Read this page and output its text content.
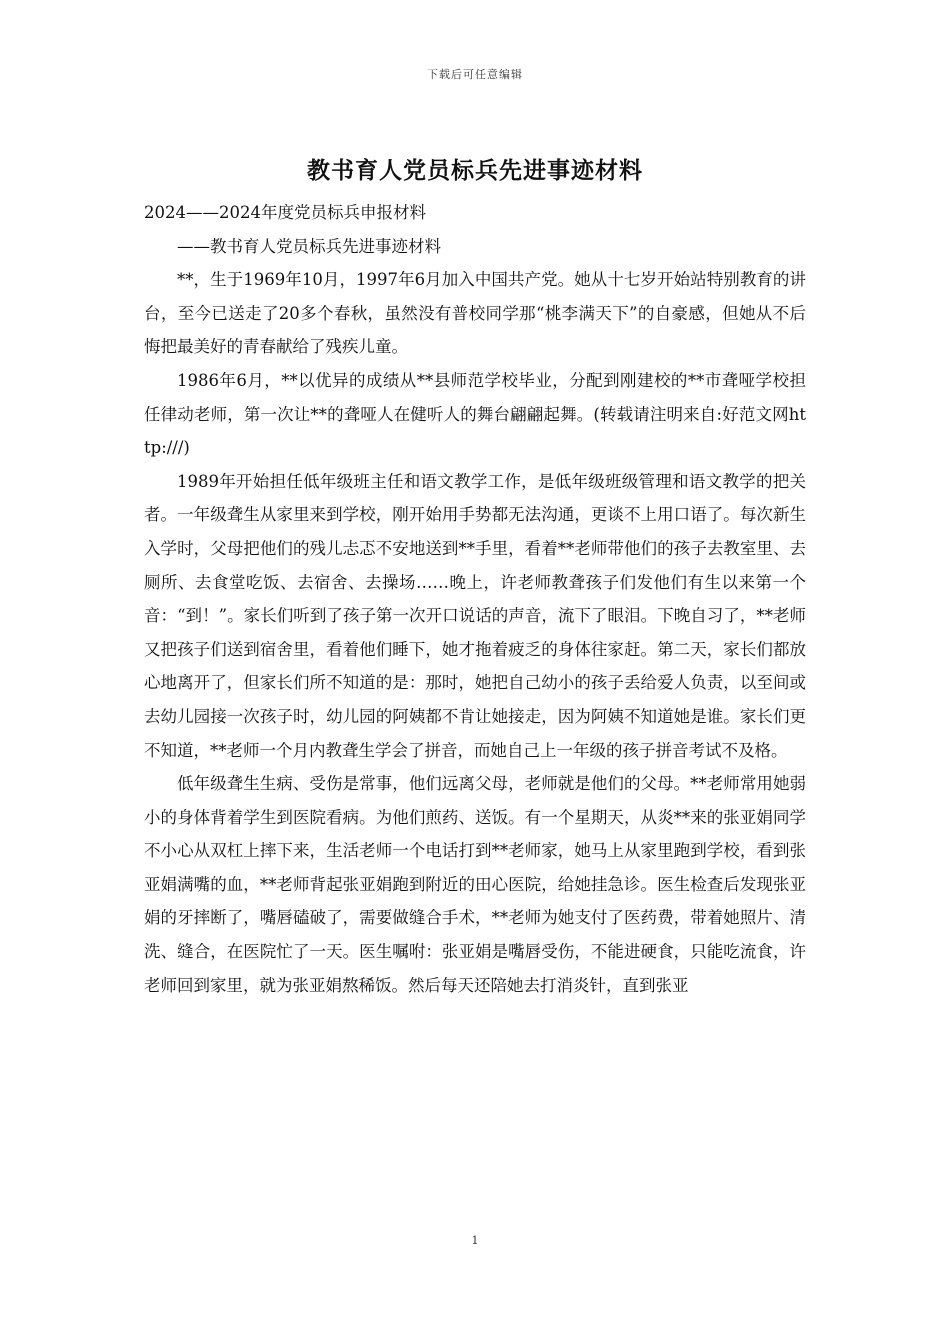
下载后可任意编辑
教书育人党员标兵先进事迹材料

2024——2024年度党员标兵申报材料

——教书育人党员标兵先进事迹材料

**，生于1969年10月，1997年6月加入中国共产党。她从十七岁开始站特别教育的讲台，至今已送走了20多个春秋，虽然没有普校同学那“桃李满天下”的自豪感，但她从不后悔把最美好的青春献给了残疾儿童。

1986年6月，**以优异的成绩从**县师范学校毕业，分配到刚建校的**市聋哑学校担任律动老师，第一次让**的聋哑人在健听人的舞台翩翩起舞。(转载请注明来自:好范文网http:///)

1989年开始担任低年级班主任和语文教学工作，是低年级班级管理和语文教学的把关者。一年级聋生从家里来到学校，刚开始用手势都无法沟通，更谈不上用口语了。每次新生入学时，父母把他们的残儿忐忑不安地送到**手里，看着**老师带他们的孩子去教室里、去厕所、去食堂吃饭、去宿舍、去操场……晚上，许老师教聋孩子们发他们有生以来第一个音：“到！”。家长们听到了孩子第一次开口说话的声音，流下了眼泪。下晚自习了，**老师又把孩子们送到宿舍里，看着他们睡下，她才拖着疲乏的身体往家赶。第二天，家长们都放心地离开了，但家长们所不知道的是：那时，她把自己幼小的孩子丢给爱人负责，以至间或去幼儿园接一次孩子时，幼儿园的阿姨都不肯让她接走，因为阿姨不知道她是谁。家长们更不知道，**老师一个月内教聋生学会了拼音，而她自己上一年级的孩子拼音考试不及格。

低年级聋生生病、受伤是常事，他们远离父母，老师就是他们的父母。**老师常用她弱小的身体背着学生到医院看病。为他们煎药、送饭。有一个星期天，从炎**来的张亚娟同学不小心从双杠上摔下来，生活老师一个电话打到**老师家，她马上从家里跑到学校，看到张亚娟满嘴的血，**老师背起张亚娟跑到附近的田心医院，给她挂急诊。医生检查后发现张亚娟的牙摔断了，嘴唇磕破了，需要做缝合手术，**老师为她支付了医药费，带着她照片、清洗、缝合，在医院忙了一天。医生嘱咐：张亚娟是嘴唇受伤，不能进硬食，只能吃流食，许老师回到家里，就为张亚娟熬稀饭。然后每天还陪她去打消炎针，直到张亚

1
